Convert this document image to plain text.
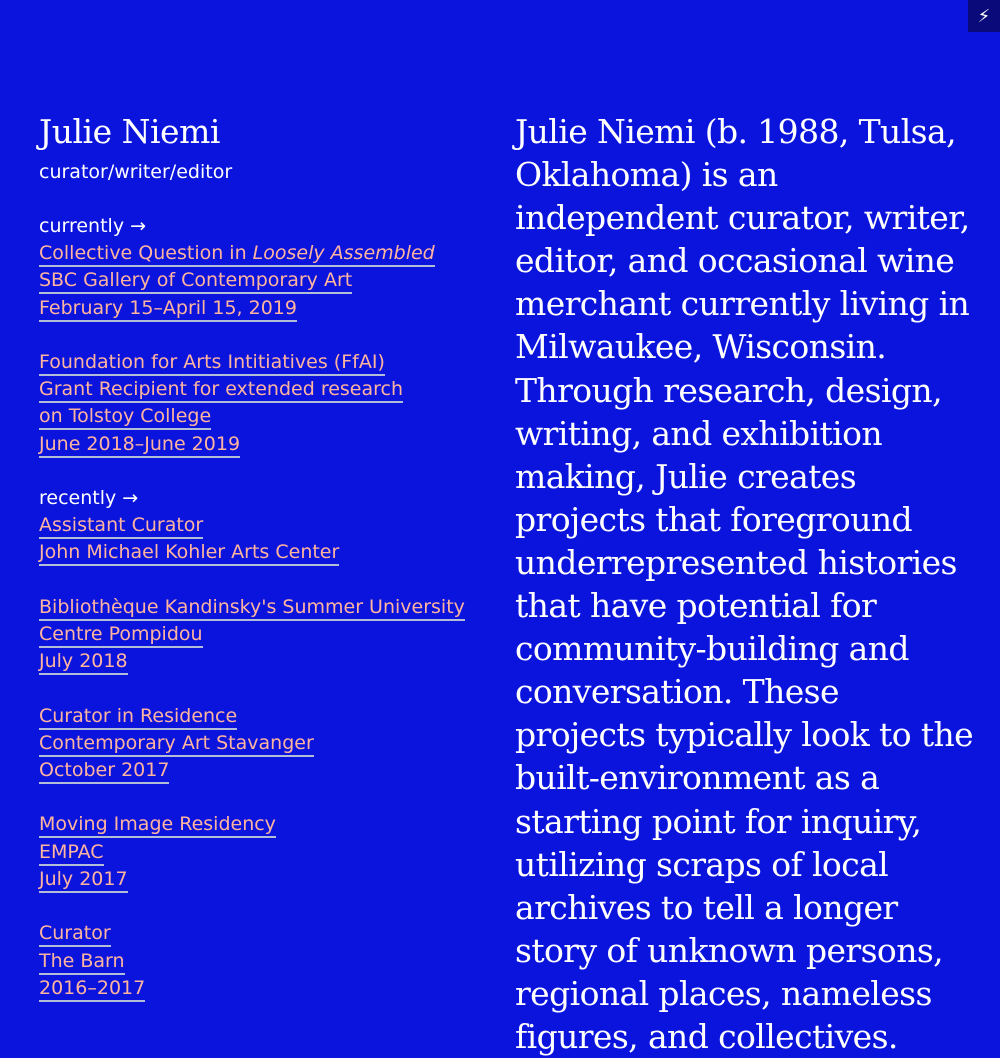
⚡
Julie Niemi
curator/writer/editor
currently →
Collective Question in Loosely Assembled
SBC Gallery of Contemporary Art
February 15–April 15, 2019
Foundation for Arts Intitiatives (FfAI)
Grant Recipient for extended research
on Tolstoy College
June 2018–June 2019
recently →
Assistant Curator
John Michael Kohler Arts Center
Bibliothèque Kandinsky's Summer University
Centre Pompidou
July 2018
Curator in Residence
Contemporary Art Stavanger
October 2017
Moving Image Residency
EMPAC
July 2017
Curator
The Barn
2016–2017

Julie Niemi (b. 1988, Tulsa, Oklahoma) is an independent curator, writer, editor, and occasional wine merchant currently living in Milwaukee, Wisconsin. Through research, design, writing, and exhibition making, Julie creates projects that foreground underrepresented histories that have potential for community-building and conversation. These projects typically look to the built-environment as a starting point for inquiry, utilizing scraps of local archives to tell a longer story of unknown persons, regional places, nameless figures, and collectives.
